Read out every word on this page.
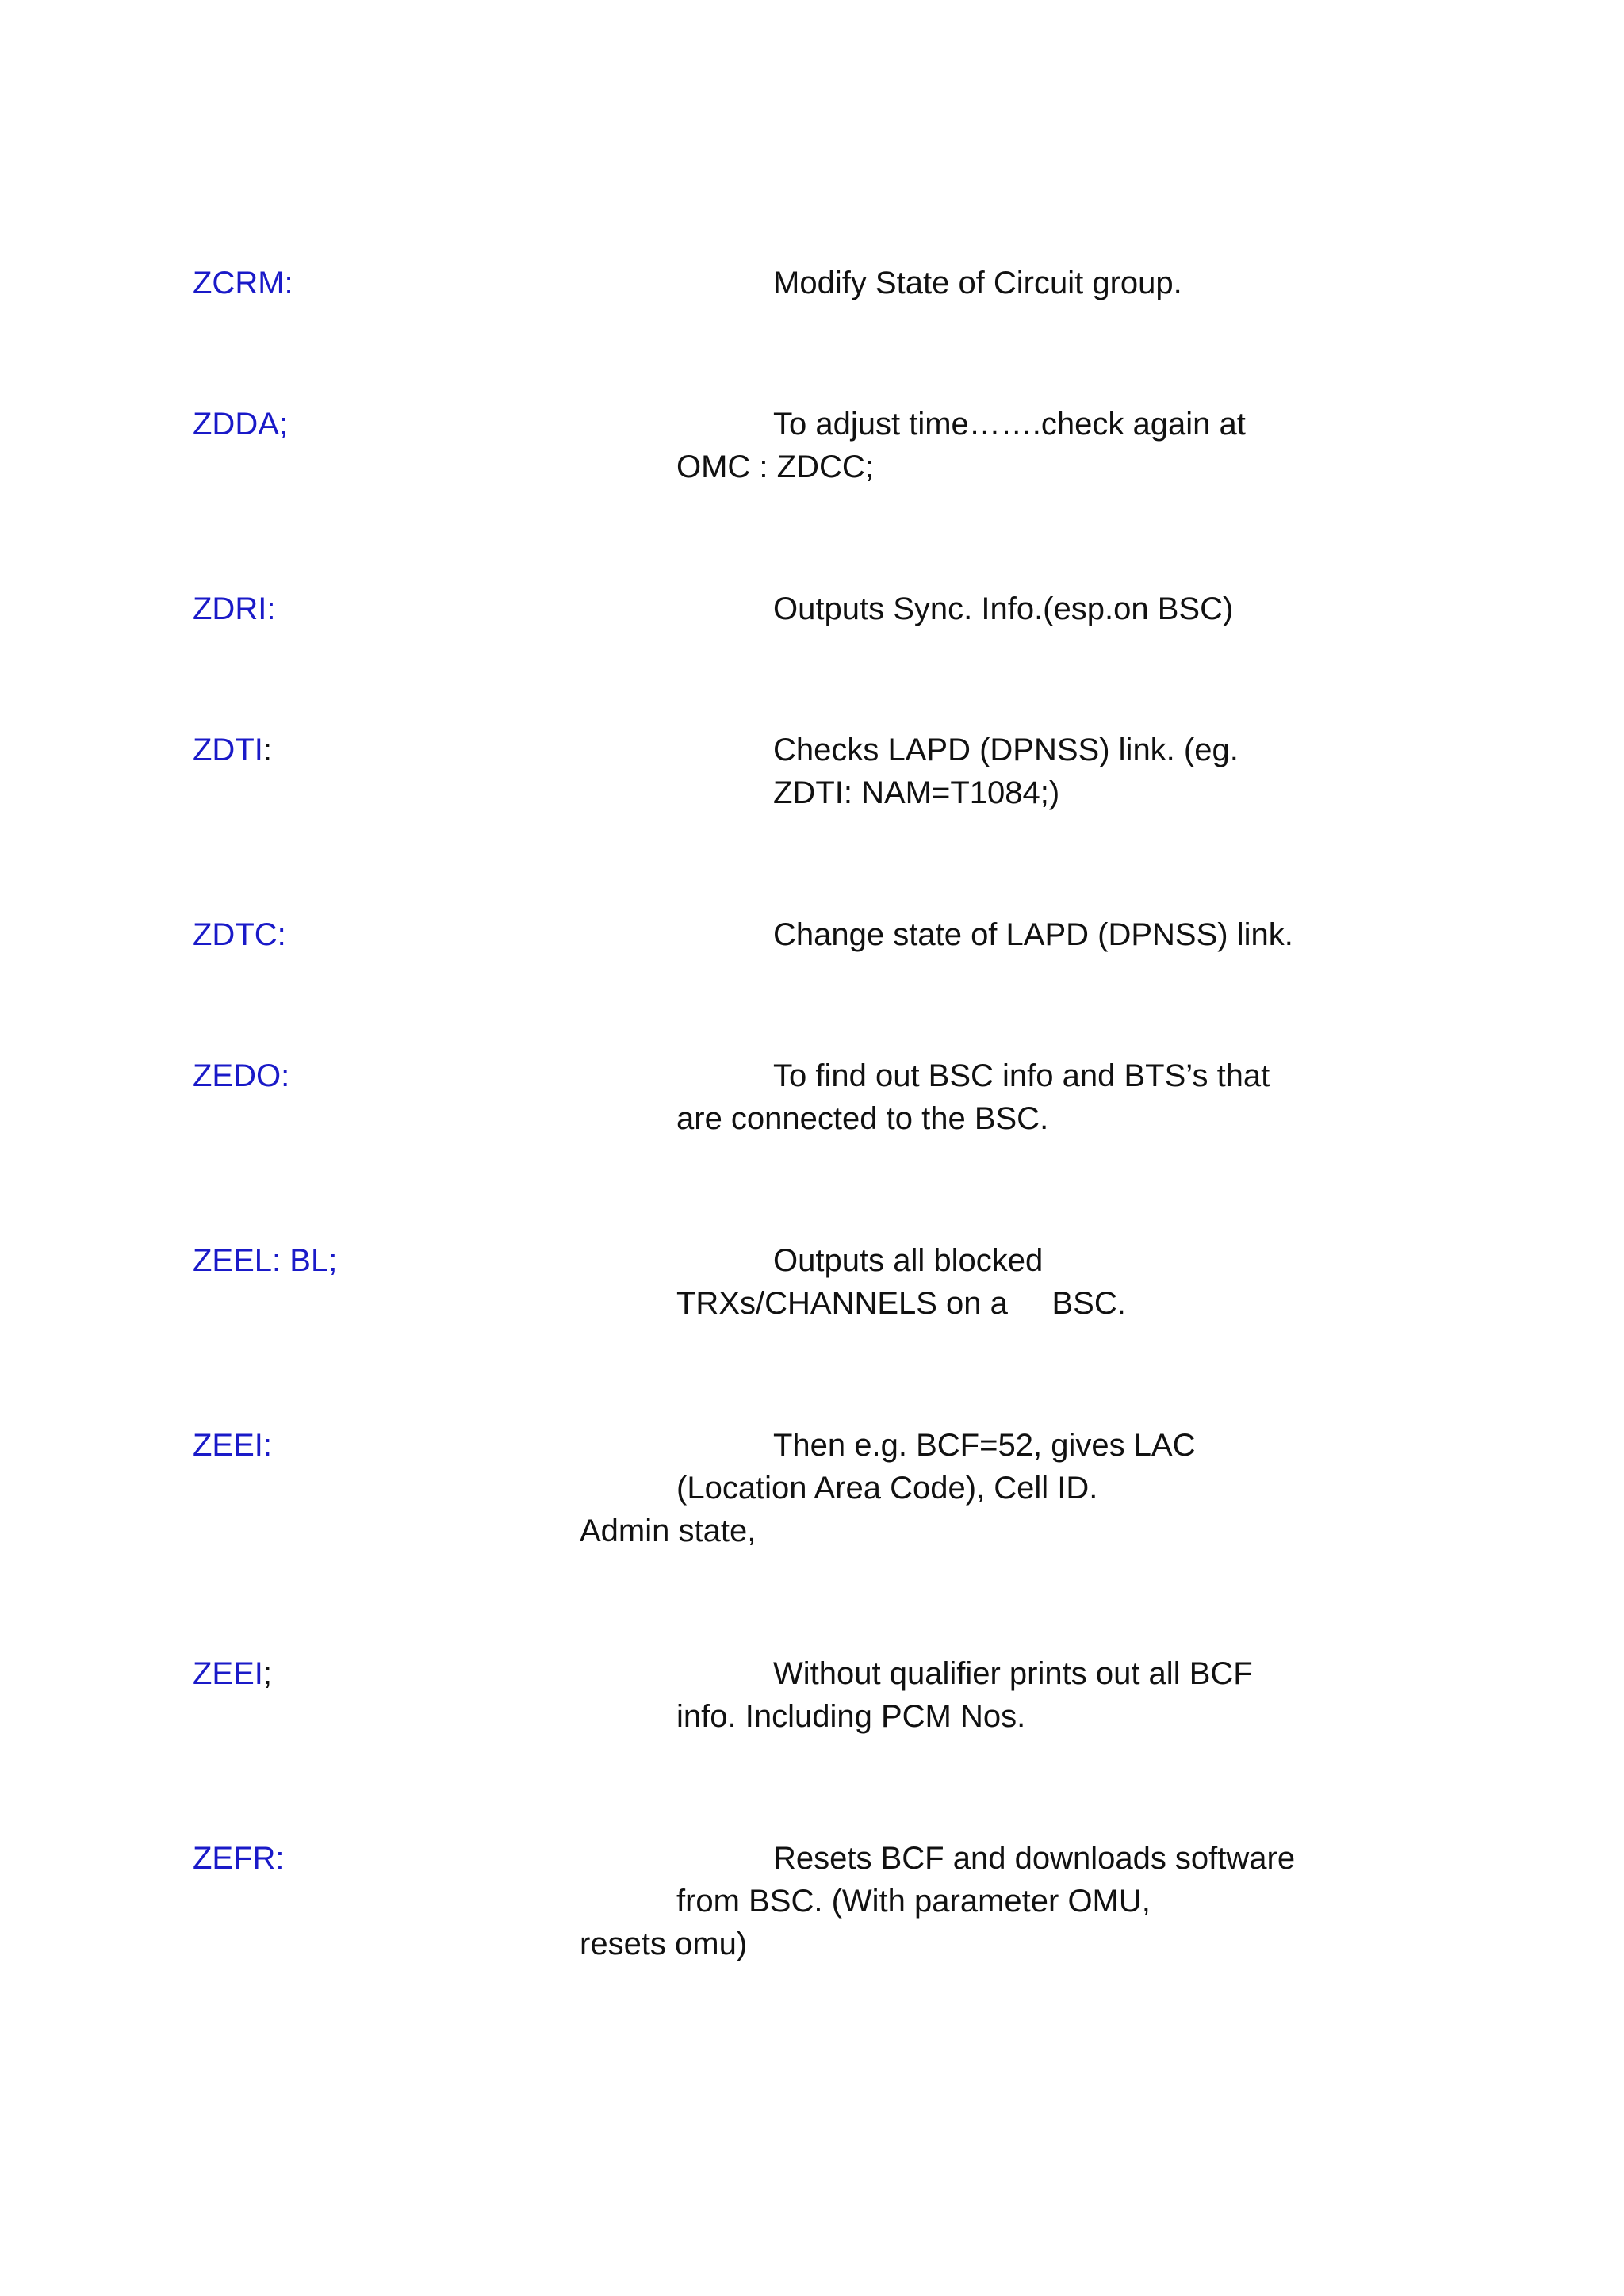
ZCRM:	Modify State of Circuit group.
ZDDA;	To adjust time…….check again at
OMC : ZDCC;
ZDRI:	Outputs Sync. Info.(esp.on BSC)
ZDTI:	Checks LAPD (DPNSS) link. (eg.
ZDTI: NAM=T1084;)
ZDTC:	Change state of LAPD (DPNSS) link.
ZEDO:	To find out BSC info and BTS’s that
are connected to the BSC.
ZEEL: BL;	Outputs all blocked
TRXs/CHANNELS on a     BSC.
ZEEI:	Then e.g. BCF=52, gives LAC
(Location Area Code), Cell ID.
Admin state,
ZEEI;	Without qualifier prints out all BCF
info. Including PCM Nos.
ZEFR:	Resets BCF and downloads software
from BSC. (With parameter OMU,
resets omu)
